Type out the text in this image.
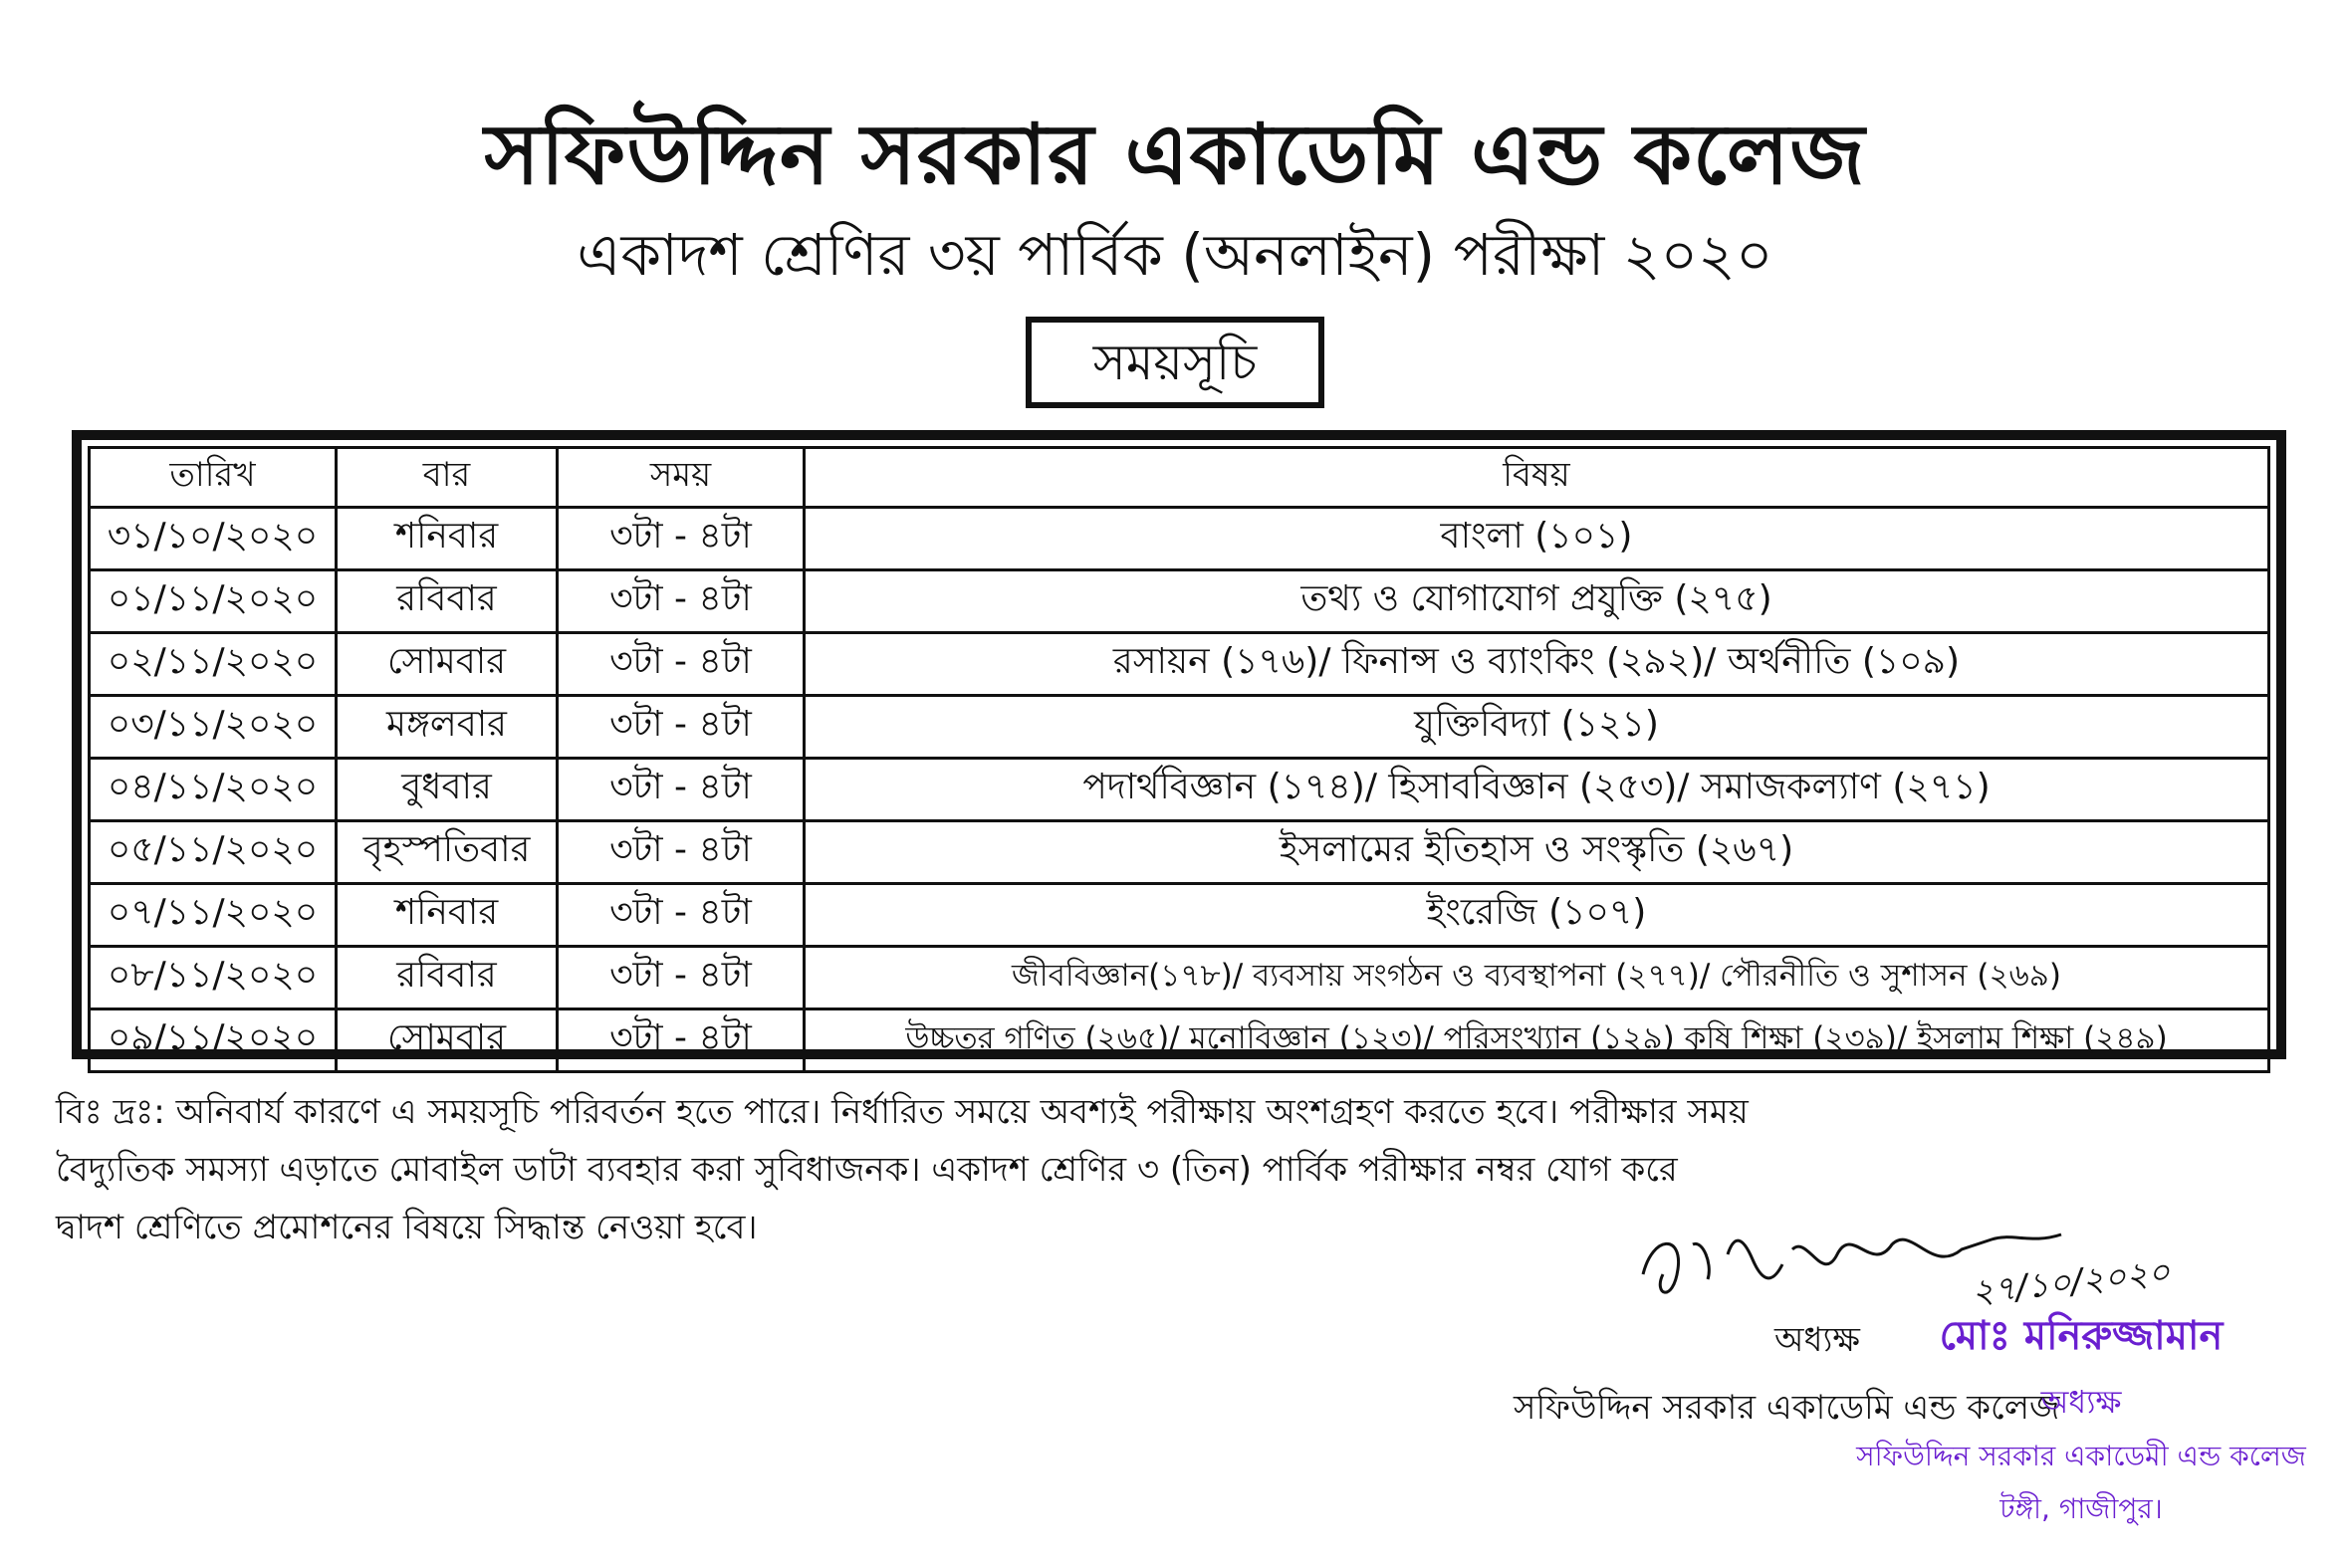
সফিউদ্দিন সরকার একাডেমি এন্ড কলেজ

একাদশ শ্রেণির ৩য় পার্বিক (অনলাইন) পরীক্ষা ২০২০

সময়সূচি
তারিখ	বার	সময়	বিষয়
৩১/১০/২০২০	শনিবার	৩টা - ৪টা	বাংলা (১০১)
০১/১১/২০২০	রবিবার	৩টা - ৪টা	তথ্য ও যোগাযোগ প্রযুক্তি (২৭৫)
০২/১১/২০২০	সোমবার	৩টা - ৪টা	রসায়ন (১৭৬)/ ফিনান্স ও ব্যাংকিং (২৯২)/ অর্থনীতি (১০৯)
০৩/১১/২০২০	মঙ্গলবার	৩টা - ৪টা	যুক্তিবিদ্যা (১২১)
০৪/১১/২০২০	বুধবার	৩টা - ৪টা	পদার্থবিজ্ঞান (১৭৪)/ হিসাববিজ্ঞান (২৫৩)/ সমাজকল্যাণ (২৭১)
০৫/১১/২০২০	বৃহস্পতিবার	৩টা - ৪টা	ইসলামের ইতিহাস ও সংস্কৃতি (২৬৭)
০৭/১১/২০২০	শনিবার	৩টা - ৪টা	ইংরেজি (১০৭)
০৮/১১/২০২০	রবিবার	৩টা - ৪টা	জীববিজ্ঞান(১৭৮)/ ব্যবসায় সংগঠন ও ব্যবস্থাপনা (২৭৭)/ পৌরনীতি ও সুশাসন (২৬৯)
০৯/১১/২০২০	সোমবার	৩টা - ৪টা	উচ্চতর গণিত (২৬৫)/ মনোবিজ্ঞান (১২৩)/ পরিসংখ্যান (১২৯) কৃষি শিক্ষা (২৩৯)/ ইসলাম শিক্ষা (২৪৯)

বিঃ দ্রঃ: অনিবার্য কারণে এ সময়সূচি পরিবর্তন হতে পারে। নির্ধারিত সময়ে অবশ্যই পরীক্ষায় অংশগ্রহণ করতে হবে। পরীক্ষার সময়

বৈদ্যুতিক সমস্যা এড়াতে মোবাইল ডাটা ব্যবহার করা সুবিধাজনক। একাদশ শ্রেণির ৩ (তিন) পার্বিক পরীক্ষার নম্বর যোগ করে

দ্বাদশ শ্রেণিতে প্রমোশনের বিষয়ে সিদ্ধান্ত নেওয়া হবে।

২৭/১০/২০২০
অধ্যক্ষ
সফিউদ্দিন সরকার একাডেমি এন্ড কলেজ
মোঃ মনিরুজ্জামান
অধ্যক্ষ
সফিউদ্দিন সরকার একাডেমী এন্ড কলেজ
টঙ্গী, গাজীপুর।
